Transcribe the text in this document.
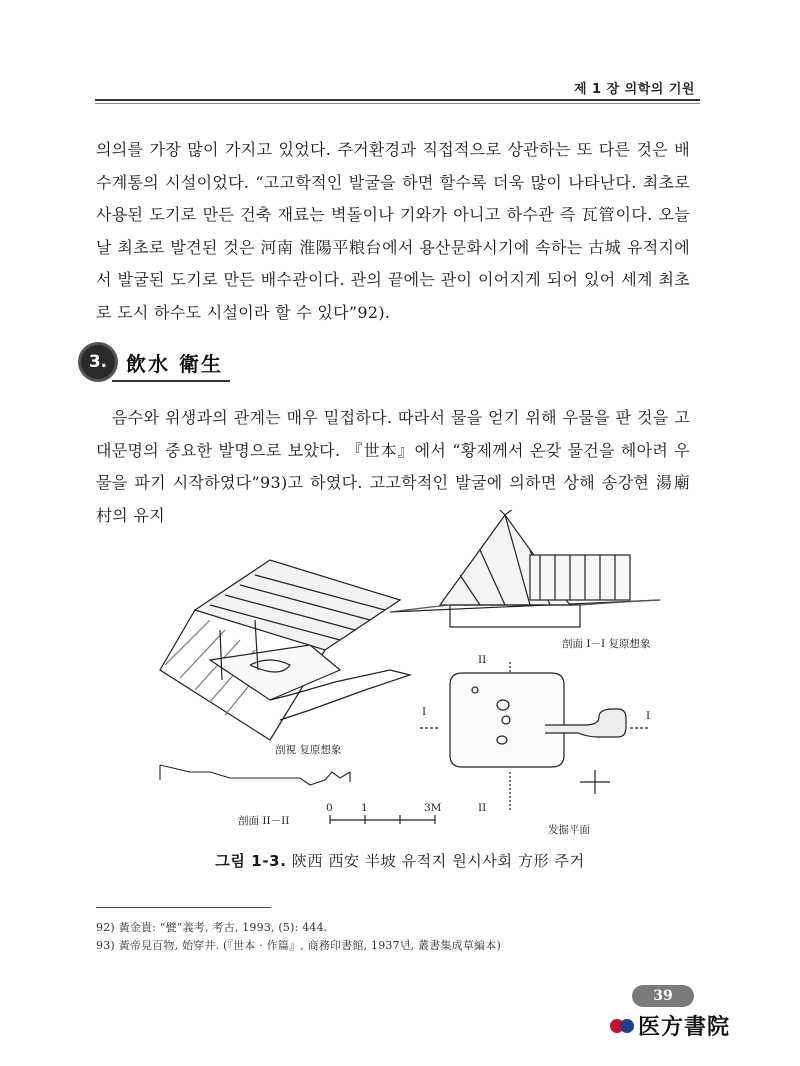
제 1 장 의학의 기원
의의를 가장 많이 가지고 있었다. 주거환경과 직접적으로 상관하는 또 다른 것은 배수계통의 시설이었다. “고고학적인 발굴을 하면 할수록 더욱 많이 나타난다. 최초로 사용된 도기로 만든 건축 재료는 벽돌이나 기와가 아니고 하수관 즉 瓦管이다. 오늘날 최초로 발견된 것은 河南 淮陽平粮台에서 용산문화시기에 속하는 古城 유적지에서 발굴된 도기로 만든 배수관이다. 관의 끝에는 관이 이어지게 되어 있어 세계 최초로 도시 하수도 시설이라 할 수 있다”92).
3. 飲水 衛生
음수와 위생과의 관계는 매우 밀접하다. 따라서 물을 얻기 위해 우물을 판 것을 고대문명의 중요한 발명으로 보았다. 『世本』에서 “황제께서 온갖 물건을 헤아려 우물을 파기 시작하였다”93)고 하였다. 고고학적인 발굴에 의하면 상해 송강현 湯廟村의 유지
剖視 复原想象
剖面 I－I 复原想象
剖面 II－II
发掘平面
0	1	3M
I	I
II
II
그림 1-3. 陝西 西安 半坡 유적지 원시사회 方形 주거
92) 黃金貴: “甓”義考, 考古, 1993, (5): 444.
93) 黃帝見百物, 始穿井. (『世本 · 作篇』, 商務印書館, 1937년, 叢書集成草編本)
39
医方書院
